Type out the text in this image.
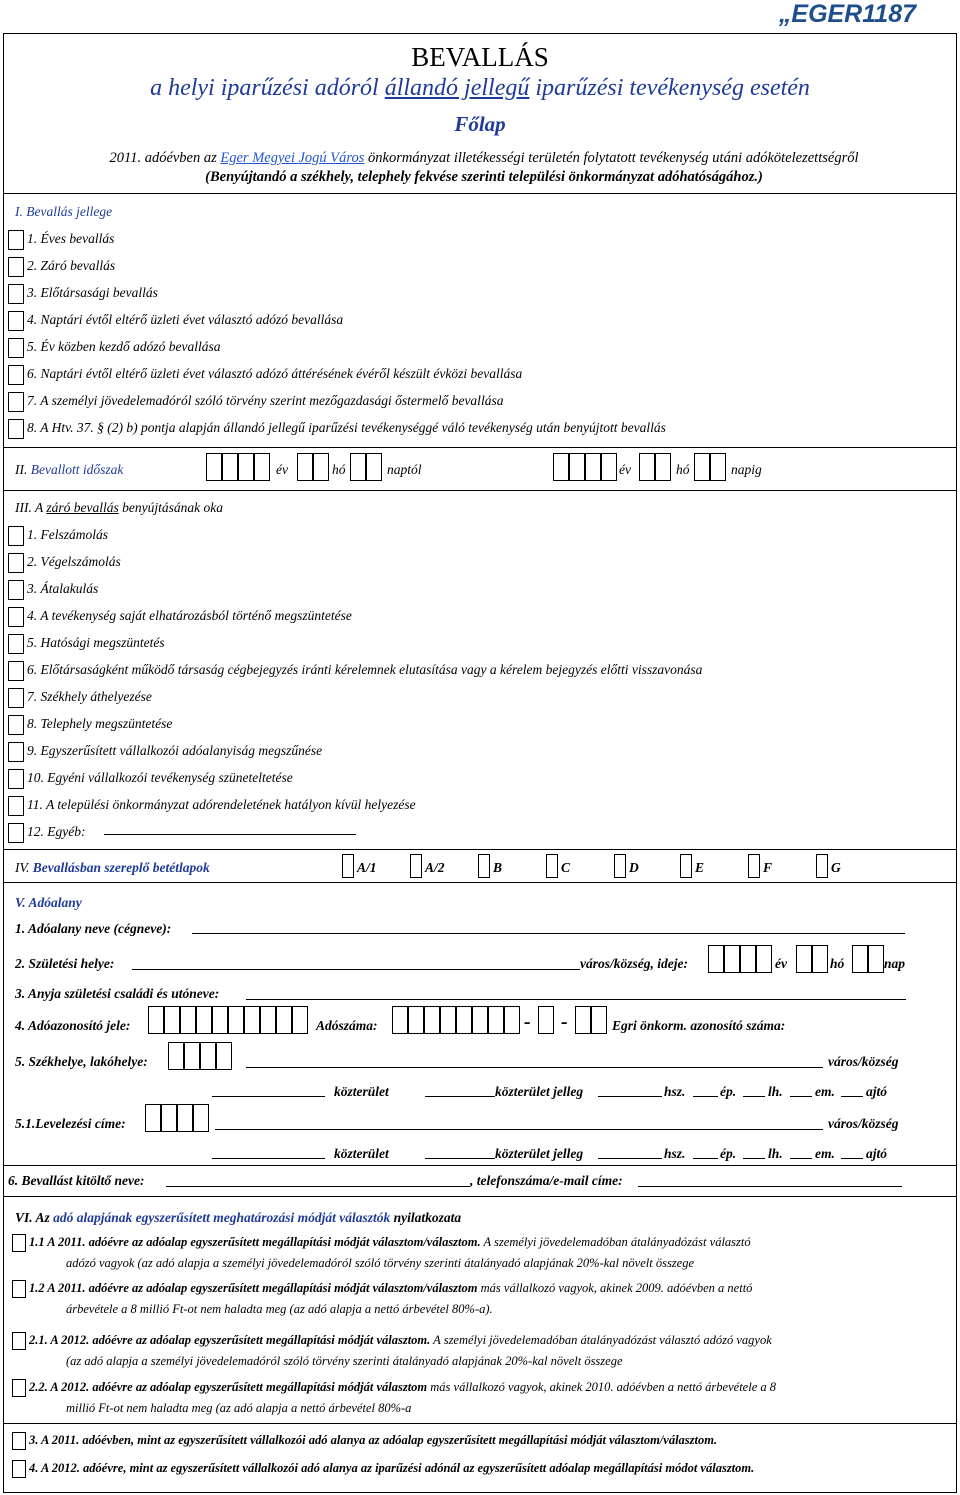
„EGER1187
BEVALLÁS
a helyi iparűzési adóról állandó jellegű iparűzési tevékenység esetén
Főlap
2011. adóévben az Eger Megyei Jogú Város önkormányzat illetékességi területén folytatott tevékenység utáni adókötelezettségről
(Benyújtandó a székhely, telephely fekvése szerinti települési önkormányzat adóhatóságához.)
I. Bevallás jellege
1. Éves bevallás
2. Záró bevallás
3. Előtársasági bevallás
4. Naptári évtől eltérő üzleti évet választó adózó bevallása
5. Év közben kezdő adózó bevallása
6. Naptári évtől eltérő üzleti évet választó adózó áttérésének évéről készült évközi bevallása
7. A személyi jövedelemadóról szóló törvény szerint mezőgazdasági őstermelő bevallása
8. A Htv. 37. § (2) b) pontja alapján állandó jellegű iparűzési tevékenységgé váló tevékenység után benyújtott bevallás
II. Bevallott időszak	év	hó	naptól	év	hó	napig
III. A záró bevallás benyújtásának oka
1. Felszámolás
2. Végelszámolás
3. Átalakulás
4. A tevékenység saját elhatározásból történő megszüntetése
5. Hatósági megszüntetés
6. Előtársaságként működő társaság cégbejegyzés iránti kérelemnek elutasítása vagy a kérelem bejegyzés előtti visszavonása
7. Székhely áthelyezése
8. Telephely megszüntetése
9. Egyszerűsített vállalkozói adóalanyiság megszűnése
10. Egyéni vállalkozói tevékenység szüneteltetése
11. A települési önkormányzat adórendeletének hatályon kívül helyezése
12. Egyéb:
IV. Bevallásban szereplő betétlapok	A/1	A/2	B	C	D	E	F	G
V. Adóalany
1. Adóalany neve (cégneve):
2. Születési helye:	város/község, ideje:	év	hó	nap
3. Anyja születési családi és utóneve:
4. Adóazonosító jele:	Adószáma:	- -	Egri önkorm. azonosító száma:
5. Székhelye, lakóhelye:	város/község
közterület	közterület jelleg	hsz.	ép. lh. em. ajtó
5.1.Levelezési címe:	város/község
közterület	közterület jelleg	hsz.	ép. lh. em. ajtó
6. Bevallást kitöltő neve:	, telefonszáma/e-mail címe:
VI. Az adó alapjának egyszerűsített meghatározási módját választók nyilatkozata
1.1 A 2011. adóévre az adóalap egyszerűsített megállapítási módját választom/választom. A személyi jövedelemadóban átalányadózást választó
adózó vagyok (az adó alapja a személyi jövedelemadóról szóló törvény szerinti átalányadó alapjának 20%-kal növelt összege
1.2 A 2011. adóévre az adóalap egyszerűsített megállapítási módját választom/választom más vállalkozó vagyok, akinek 2009. adóévben a nettó
árbevétele a 8 millió Ft-ot nem haladta meg (az adó alapja a nettó árbevétel 80%-a).
2.1. A 2012. adóévre az adóalap egyszerűsített megállapítási módját választom. A személyi jövedelemadóban átalányadózást választó adózó vagyok
(az adó alapja a személyi jövedelemadóról szóló törvény szerinti átalányadó alapjának 20%-kal növelt összege
2.2. A 2012. adóévre az adóalap egyszerűsített megállapítási módját választom más vállalkozó vagyok, akinek 2010. adóévben a nettó árbevétele a 8
millió Ft-ot nem haladta meg (az adó alapja a nettó árbevétel 80%-a
3. A 2011. adóévben, mint az egyszerűsített vállalkozói adó alanya az adóalap egyszerűsített megállapítási módját választom/választom.
4. A 2012. adóévre, mint az egyszerűsített vállalkozói adó alanya az iparűzési adónál az egyszerűsített adóalap megállapítási módot választom.
